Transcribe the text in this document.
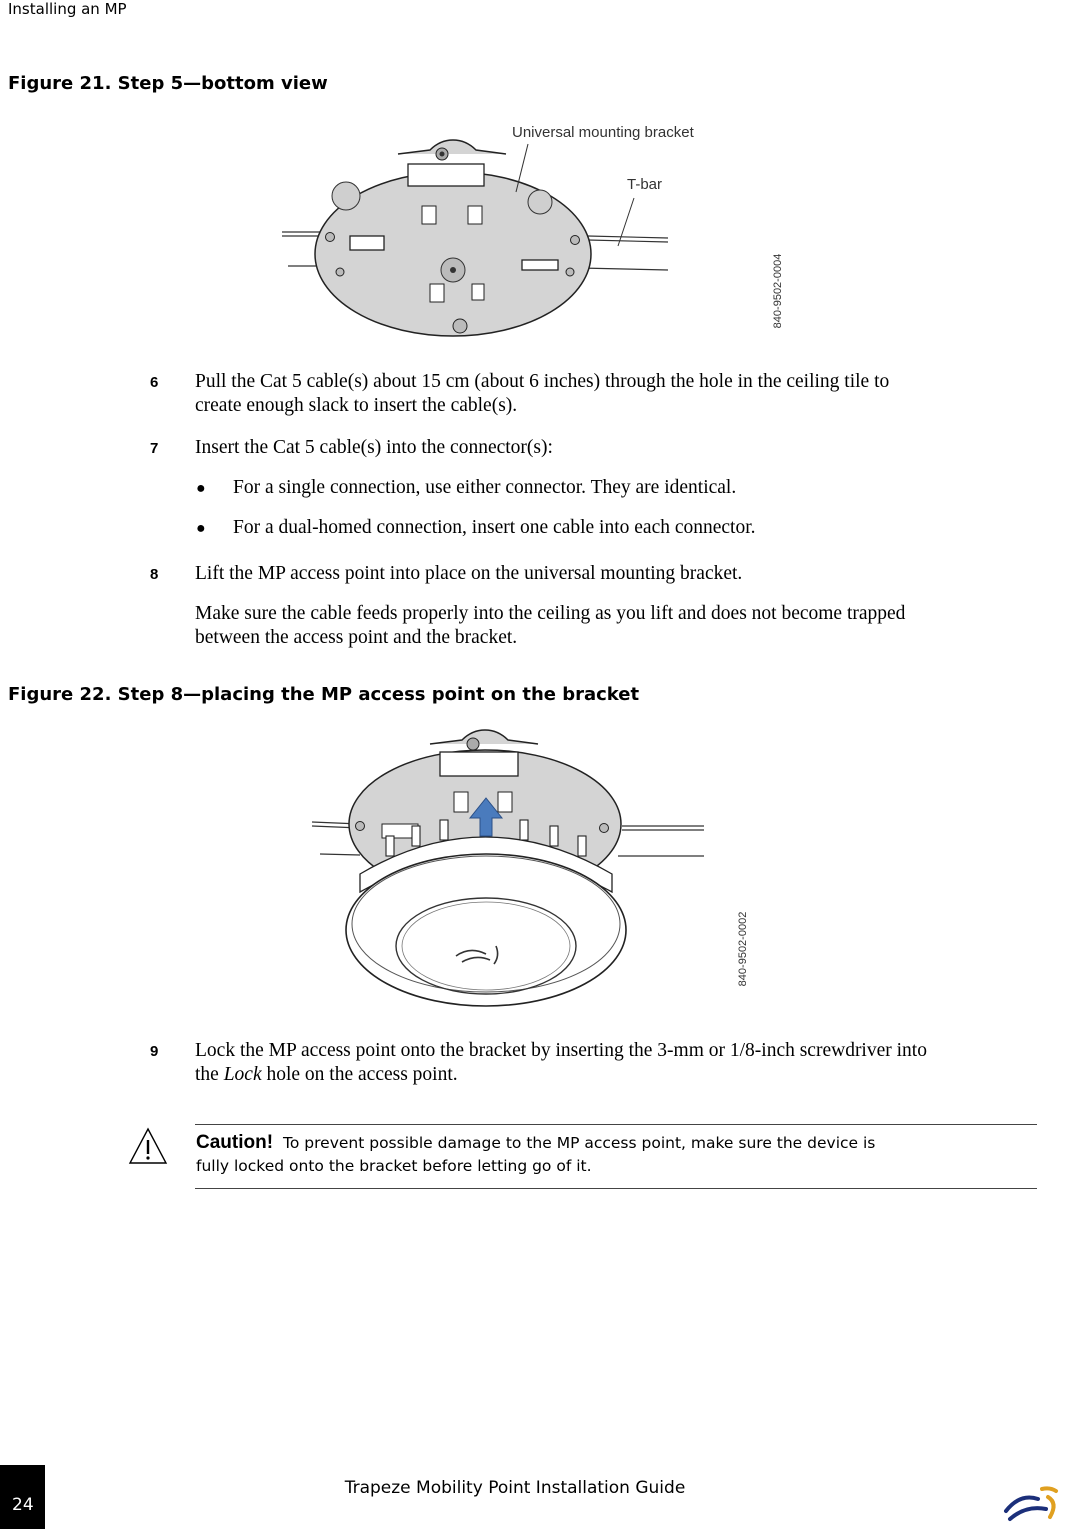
Installing an MP
Figure 21. Step 5—bottom view
Universal mounting bracket
T-bar
840-9502-0004
6 Pull the Cat 5 cable(s) about 15 cm (about 6 inches) through the hole in the ceiling tile to
create enough slack to insert the cable(s).
7 Insert the Cat 5 cable(s) into the connector(s):
● For a single connection, use either connector. They are identical.
● For a dual-homed connection, insert one cable into each connector.
8 Lift the MP access point into place on the universal mounting bracket.
Make sure the cable feeds properly into the ceiling as you lift and does not become trapped
between the access point and the bracket.
Figure 22. Step 8—placing the MP access point on the bracket
840-9502-0002
9 Lock the MP access point onto the bracket by inserting the 3-mm or 1/8-inch screwdriver into
the Lock hole on the access point.
Caution! To prevent possible damage to the MP access point, make sure the device is
fully locked onto the bracket before letting go of it.
24
Trapeze Mobility Point Installation Guide
